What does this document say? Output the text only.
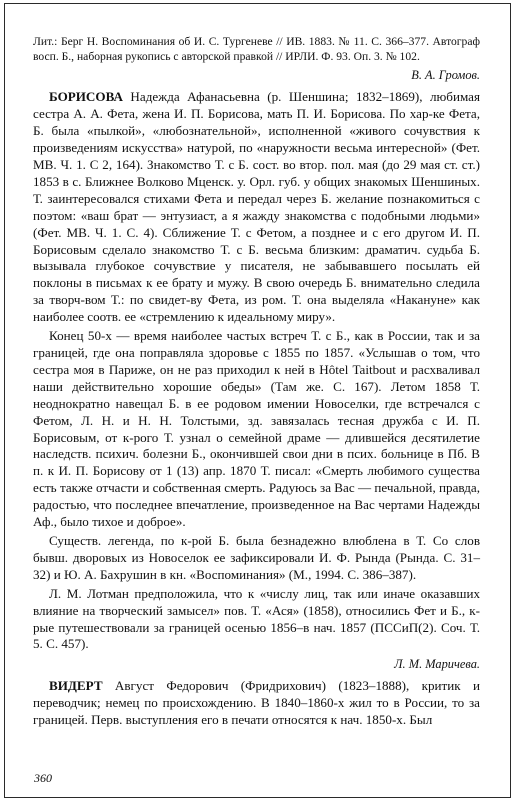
Лит.: Берг Н. Воспоминания об И. С. Тургеневе // ИВ. 1883. № 11. С. 366–377. Автограф восп. Б., наборная рукопись с авторской правкой // ИРЛИ. Ф. 93. Оп. 3. № 102.

В. А. Громов.

БОРИСОВА Надежда Афанасьевна (р. Шеншина; 1832–1869), любимая сестра А. А. Фета, жена И. П. Борисова, мать П. И. Борисова. По хар-ке Фета, Б. была «пылкой», «любознательной», исполненной «живого сочувствия к произведениям искусства» натурой, по «наружности весьма интересной» (Фет. МВ. Ч. 1. С 2, 164). Знакомство Т. с Б. сост. во втор. пол. мая (до 29 мая ст. ст.) 1853 в с. Ближнее Волково Мценск. у. Орл. губ. у общих знакомых Шеншиных. Т. заинтересовался стихами Фета и передал через Б. желание познакомиться с поэтом: «ваш брат — энтузиаст, а я жажду знакомства с подобными людьми» (Фет. МВ. Ч. 1. С. 4). Сближение Т. с Фетом, а позднее и с его другом И. П. Борисовым сделало знакомство Т. с Б. весьма близким: драматич. судьба Б. вызывала глубокое сочувствие у писателя, не забывавшего посылать ей поклоны в письмах к ее брату и мужу. В свою очередь Б. внимательно следила за творч-вом Т.: по свидет-ву Фета, из ром. Т. она выделяла «Накануне» как наиболее соотв. ее «стремлению к идеальному миру».

Конец 50-х — время наиболее частых встреч Т. с Б., как в России, так и за границей, где она поправляла здоровье с 1855 по 1857. «Услышав о том, что сестра моя в Париже, он не раз приходил к ней в Hôtel Taitbout и расхваливал наши действительно хорошие обеды» (Там же. С. 167). Летом 1858 Т. неоднократно навещал Б. в ее родовом имении Новоселки, где встречался с Фетом, Л. Н. и Н. Н. Толстыми, зд. завязалась тесная дружба с И. П. Борисовым, от к-рого Т. узнал о семейной драме — длившейся десятилетие наследств. психич. болезни Б., окончившей свои дни в псих. больнице в Пб. В п. к И. П. Борисову от 1 (13) апр. 1870 Т. писал: «Смерть любимого существа есть также отчасти и собственная смерть. Радуюсь за Вас — печальной, правда, радостью, что последнее впечатление, произведенное на Вас чертами Надежды Аф., было тихое и доброе».

Существ. легенда, по к-рой Б. была безнадежно влюблена в Т. Со слов бывш. дворовых из Новоселок ее зафиксировали И. Ф. Рында (Рында. С. 31–32) и Ю. А. Бахрушин в кн. «Воспоминания» (М., 1994. С. 386–387).

Л. М. Лотман предположила, что к «числу лиц, так или иначе оказавших влияние на творческий замысел» пов. Т. «Ася» (1858), относились Фет и Б., к-рые путешествовали за границей осенью 1856–в нач. 1857 (ПССиП(2). Соч. Т. 5. С. 457).

Л. М. Маричева.

ВИДЕРТ Август Федорович (Фридрихович) (1823–1888), критик и переводчик; немец по происхождению. В 1840–1860-х жил то в России, то за границей. Перв. выступления его в печати относятся к нач. 1850-х. Был

360
